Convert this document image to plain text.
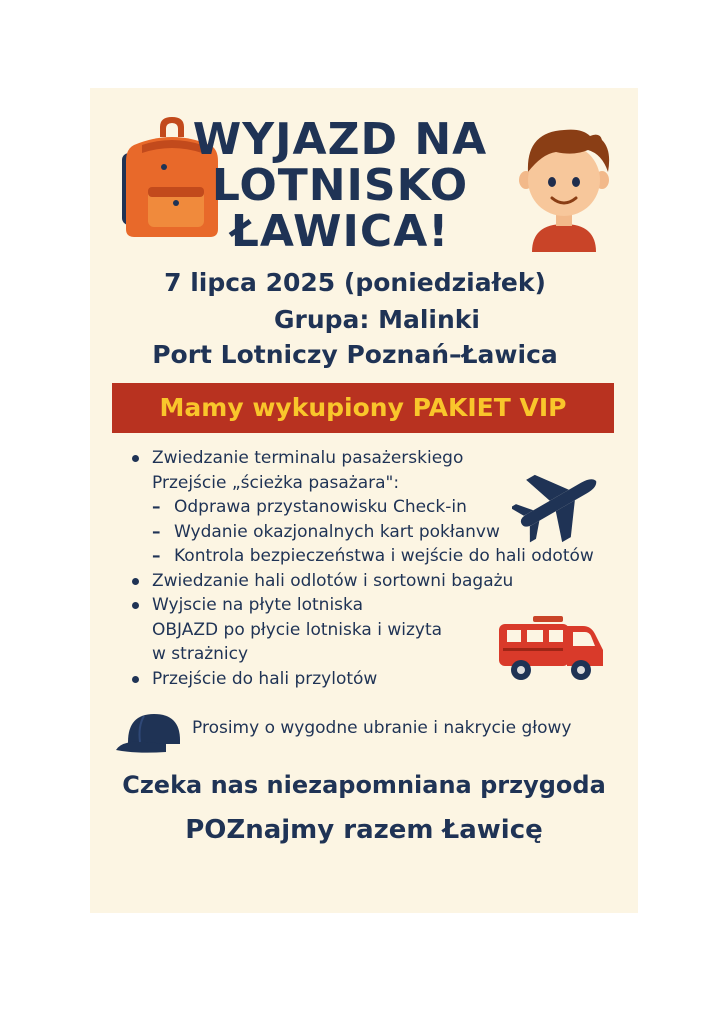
WYJAZD NA
LOTNISKO
ŁAWICA!
7 lipca 2025 (poniedziałek)
Grupa: Malinki
Port Lotniczy Poznań–Ławica
Mamy wykupiony PAKIET VIP
Zwiedzanie terminalu pasażerskiego
Przejście „ścieżka pasażara":
– Odprawa przystanowisku Check-in
– Wydanie okazjonalnych kart pokłanvw
– Kontrola bezpieczeństwa i wejście do hali odotów
Zwiedzanie hali odlotów i sortowni bagażu
Wyjscie na płyte lotniska
OBJAZD po płycie lotniska i wizyta
w strażnicy
Przejście do hali przylotów
Prosimy o wygodne ubranie i nakrycie głowy
Czeka nas niezapomniana przygoda
POZnajmy razem Ławicę
